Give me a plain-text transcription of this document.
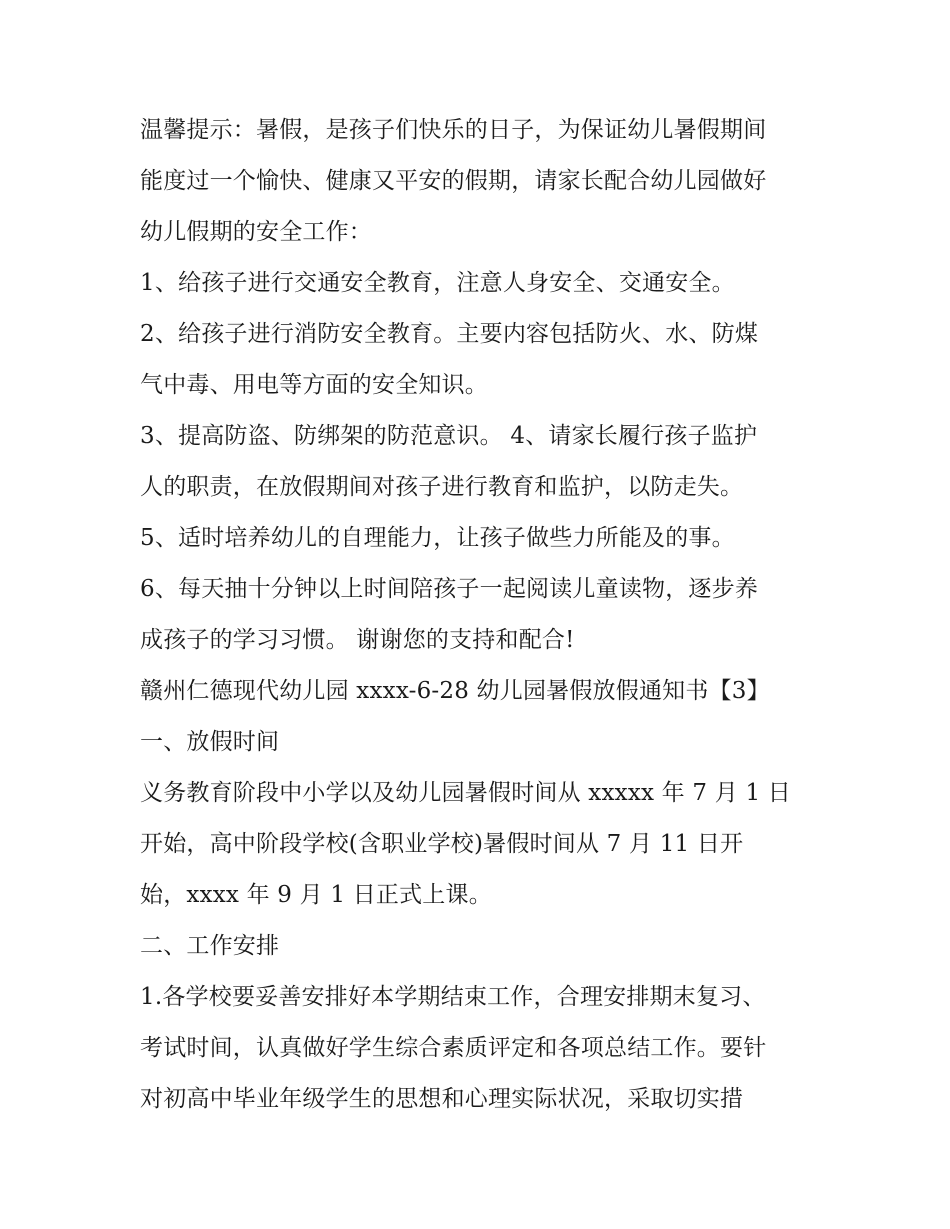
温馨提示：暑假，是孩子们快乐的日子，为保证幼儿暑假期间
能度过一个愉快、健康又平安的假期，请家长配合幼儿园做好
幼儿假期的安全工作：
1、给孩子进行交通安全教育，注意人身安全、交通安全。
2、给孩子进行消防安全教育。主要内容包括防火、水、防煤
气中毒、用电等方面的安全知识。
3、提高防盗、防绑架的防范意识。 4、请家长履行孩子监护
人的职责，在放假期间对孩子进行教育和监护，以防走失。
5、适时培养幼儿的自理能力，让孩子做些力所能及的事。
6、每天抽十分钟以上时间陪孩子一起阅读儿童读物，逐步养
成孩子的学习习惯。 谢谢您的支持和配合!
赣州仁德现代幼儿园 xxxx-6-28 幼儿园暑假放假通知书【3】
一、放假时间
义务教育阶段中小学以及幼儿园暑假时间从 xxxxx 年 7 月 1 日
开始，高中阶段学校(含职业学校)暑假时间从 7 月 11 日开
始，xxxx 年 9 月 1 日正式上课。
二、工作安排
1.各学校要妥善安排好本学期结束工作，合理安排期末复习、
考试时间，认真做好学生综合素质评定和各项总结工作。要针
对初高中毕业年级学生的思想和心理实际状况，采取切实措
